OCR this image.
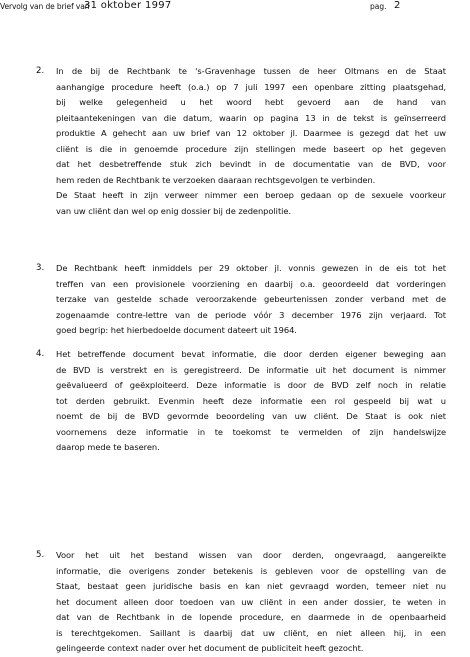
Vervolg van de brief van
31 oktober 1997	pag. 2
2. In de bij de Rechtbank te 's-Gravenhage tussen de heer Oltmans en de Staat
aanhangige procedure heeft (o.a.) op 7 juli 1997 een openbare zitting plaatsgehad,
bij welke gelegenheid u het woord hebt gevoerd aan de hand van
pleitaantekeningen van die datum, waarin op pagina 13 in de tekst is geïnserreerd
produktie A gehecht aan uw brief van 12 oktober jl. Daarmee is gezegd dat het uw
cliënt is die in genoemde procedure zijn stellingen mede baseert op het gegeven
dat het desbetreffende stuk zich bevindt in de documentatie van de BVD, voor
hem reden de Rechtbank te verzoeken daaraan rechtsgevolgen te verbinden.
De Staat heeft in zijn verweer nimmer een beroep gedaan op de sexuele voorkeur
van uw cliënt dan wel op enig dossier bij de zedenpolitie.
3. De Rechtbank heeft inmiddels per 29 oktober jl. vonnis gewezen in de eis tot het
treffen van een provisionele voorziening en daarbij o.a. geoordeeld dat vorderingen
terzake van gestelde schade veroorzakende gebeurtenissen zonder verband met de
zogenaamde contre-lettre van de periode vóór 3 december 1976 zijn verjaard. Tot
goed begrip: het hierbedoelde document dateert uit 1964.
4. Het betreffende document bevat informatie, die door derden eigener beweging aan
de BVD is verstrekt en is geregistreerd. De informatie uit het document is nimmer
geëvalueerd of geëxploiteerd. Deze informatie is door de BVD zelf noch in relatie
tot derden gebruikt. Evenmin heeft deze informatie een rol gespeeld bij wat u
noemt de bij de BVD gevormde beoordeling van uw cliënt. De Staat is ook niet
voornemens deze informatie in te toekomst te vermelden of zijn handelswijze
daarop mede te baseren.
5. Voor het uit het bestand wissen van door derden, ongevraagd, aangereikte
informatie, die overigens zonder betekenis is gebleven voor de opstelling van de
Staat, bestaat geen juridische basis en kan niet gevraagd worden, temeer niet nu
het document alleen door toedoen van uw cliënt in een ander dossier, te weten in
dat van de Rechtbank in de lopende procedure, en daarmede in de openbaarheid
is terechtgekomen. Saillant is daarbij dat uw cliënt, en niet alleen hij, in een
gelingeerde context nader over het document de publiciteit heeft gezocht.
